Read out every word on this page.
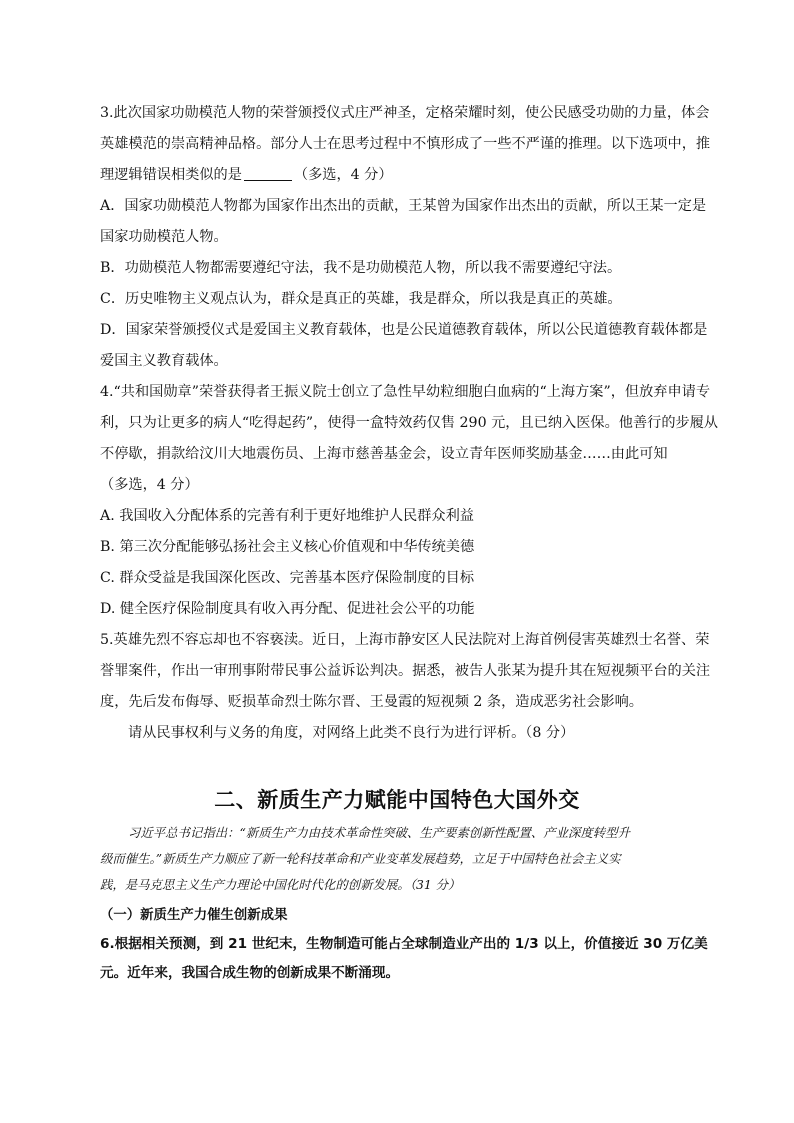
3.此次国家功勋模范人物的荣誉颁授仪式庄严神圣，定格荣耀时刻，使公民感受功勋的力量，体会
英雄模范的崇高精神品格。部分人士在思考过程中不慎形成了一些不严谨的推理。以下选项中，推
理逻辑错误相类似的是	（多选，4 分）
A．国家功勋模范人物都为国家作出杰出的贡献，王某曾为国家作出杰出的贡献，所以王某一定是
国家功勋模范人物。
B．功勋模范人物都需要遵纪守法，我不是功勋模范人物，所以我不需要遵纪守法。
C．历史唯物主义观点认为，群众是真正的英雄，我是群众，所以我是真正的英雄。
D．国家荣誉颁授仪式是爱国主义教育载体，也是公民道德教育载体，所以公民道德教育载体都是
爱国主义教育载体。
4.“共和国勋章”荣誉获得者王振义院士创立了急性早幼粒细胞白血病的“上海方案”，但放弃申请专
利，只为让更多的病人“吃得起药”，使得一盒特效药仅售 290 元，且已纳入医保。他善行的步履从
不停歇，捐款给汶川大地震伤员、上海市慈善基金会，设立青年医师奖励基金……由此可知
（多选，4 分）
A. 我国收入分配体系的完善有利于更好地维护人民群众利益
B. 第三次分配能够弘扬社会主义核心价值观和中华传统美德
C. 群众受益是我国深化医改、完善基本医疗保险制度的目标
D. 健全医疗保险制度具有收入再分配、促进社会公平的功能
5.英雄先烈不容忘却也不容亵渎。近日，上海市静安区人民法院对上海首例侵害英雄烈士名誉、荣
誉罪案件，作出一审刑事附带民事公益诉讼判决。据悉，被告人张某为提升其在短视频平台的关注
度，先后发布侮辱、贬损革命烈士陈尔晋、王曼霞的短视频 2 条，造成恶劣社会影响。
请从民事权利与义务的角度，对网络上此类不良行为进行评析。（8 分）
二、新质生产力赋能中国特色大国外交
习近平总书记指出：“新质生产力由技术革命性突破、生产要素创新性配置、产业深度转型升
级而催生。”新质生产力顺应了新一轮科技革命和产业变革发展趋势，立足于中国特色社会主义实
践，是马克思主义生产力理论中国化时代化的创新发展。（31 分）
（一）新质生产力催生创新成果
6.根据相关预测，到 21 世纪末，生物制造可能占全球制造业产出的 1/3 以上，价值接近 30 万亿美
元。近年来，我国合成生物的创新成果不断涌现。
